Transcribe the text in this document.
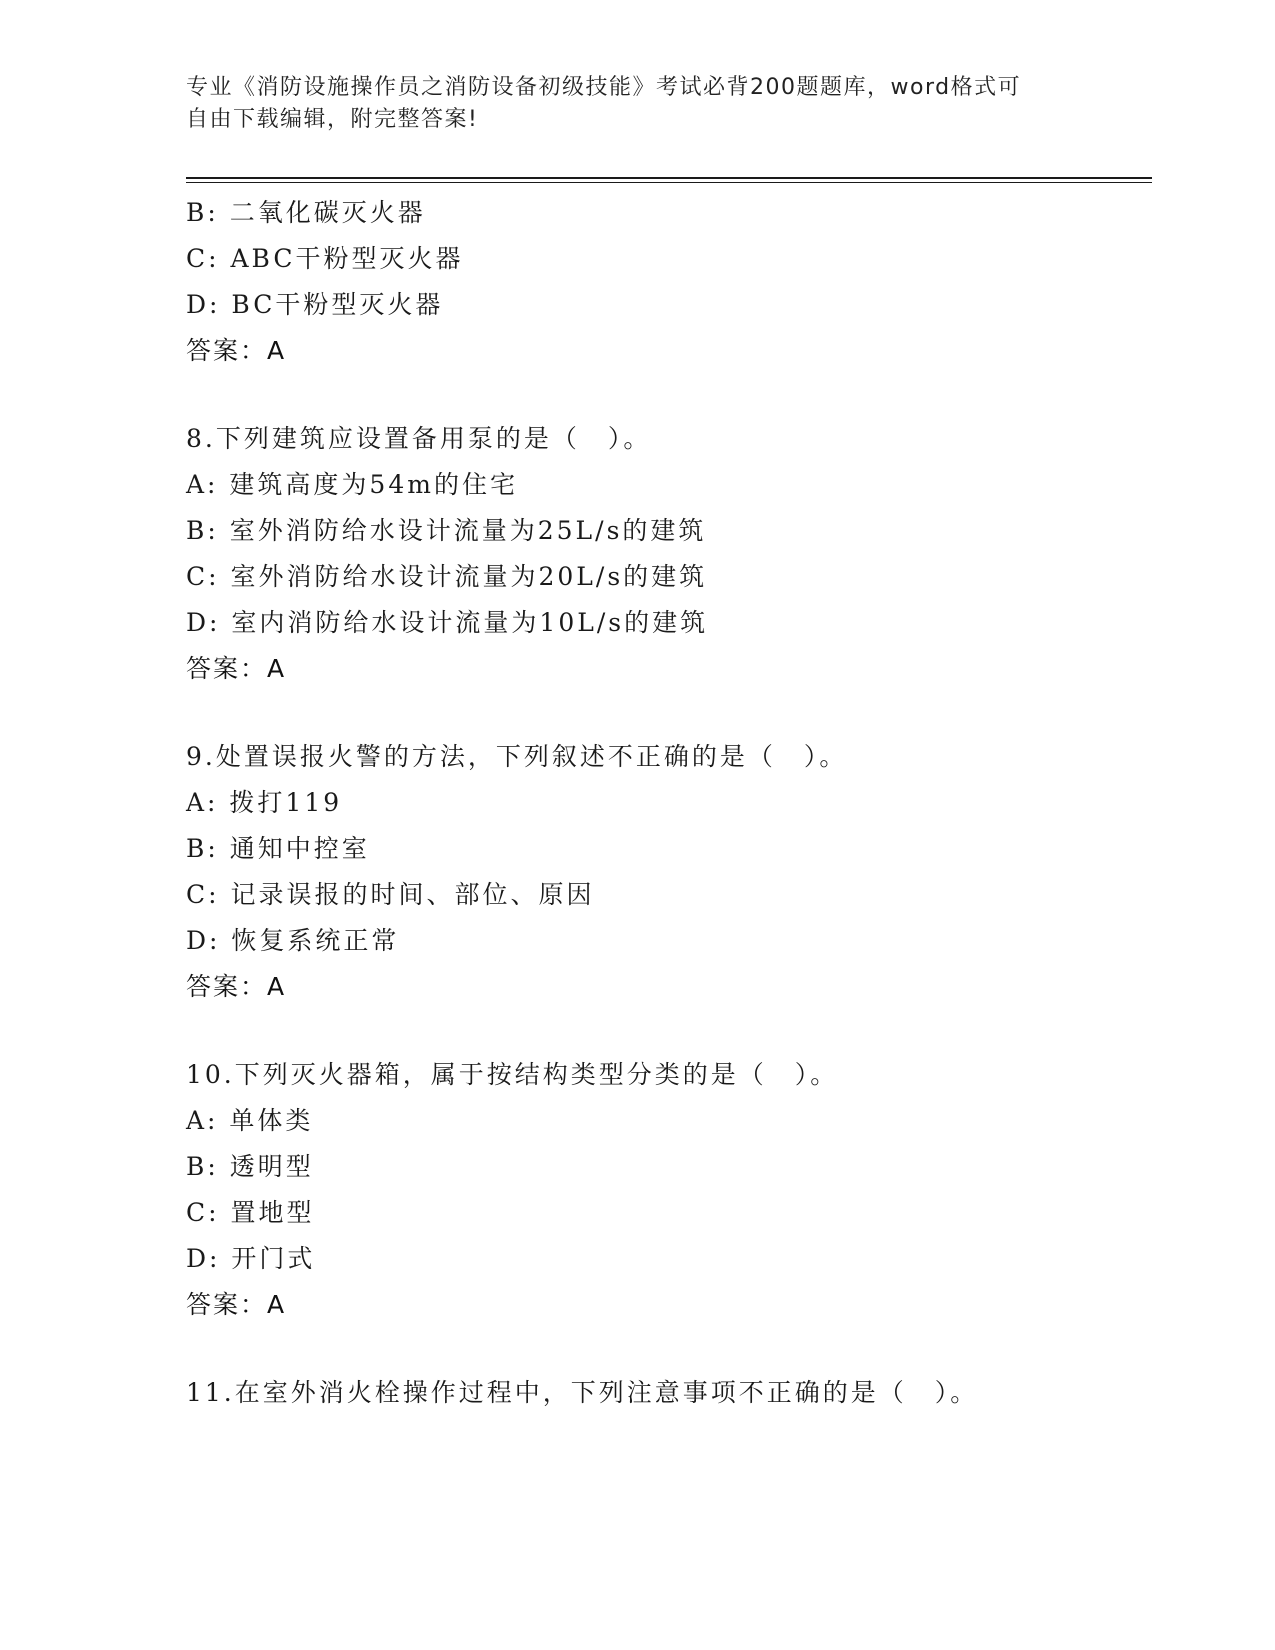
专业《消防设施操作员之消防设备初级技能》考试必背200题题库，word格式可
自由下载编辑，附完整答案!
B: 二氧化碳灭火器
C: ABC干粉型灭火器
D: BC干粉型灭火器
答案：A
8.下列建筑应设置备用泵的是（　）。
A: 建筑高度为54m的住宅
B: 室外消防给水设计流量为25L/s的建筑
C: 室外消防给水设计流量为20L/s的建筑
D: 室内消防给水设计流量为10L/s的建筑
答案：A
9.处置误报火警的方法，下列叙述不正确的是（　）。
A: 拨打119
B: 通知中控室
C: 记录误报的时间、部位、原因
D: 恢复系统正常
答案：A
10.下列灭火器箱，属于按结构类型分类的是（　）。
A: 单体类
B: 透明型
C: 置地型
D: 开门式
答案：A
11.在室外消火栓操作过程中，下列注意事项不正确的是（　）。
